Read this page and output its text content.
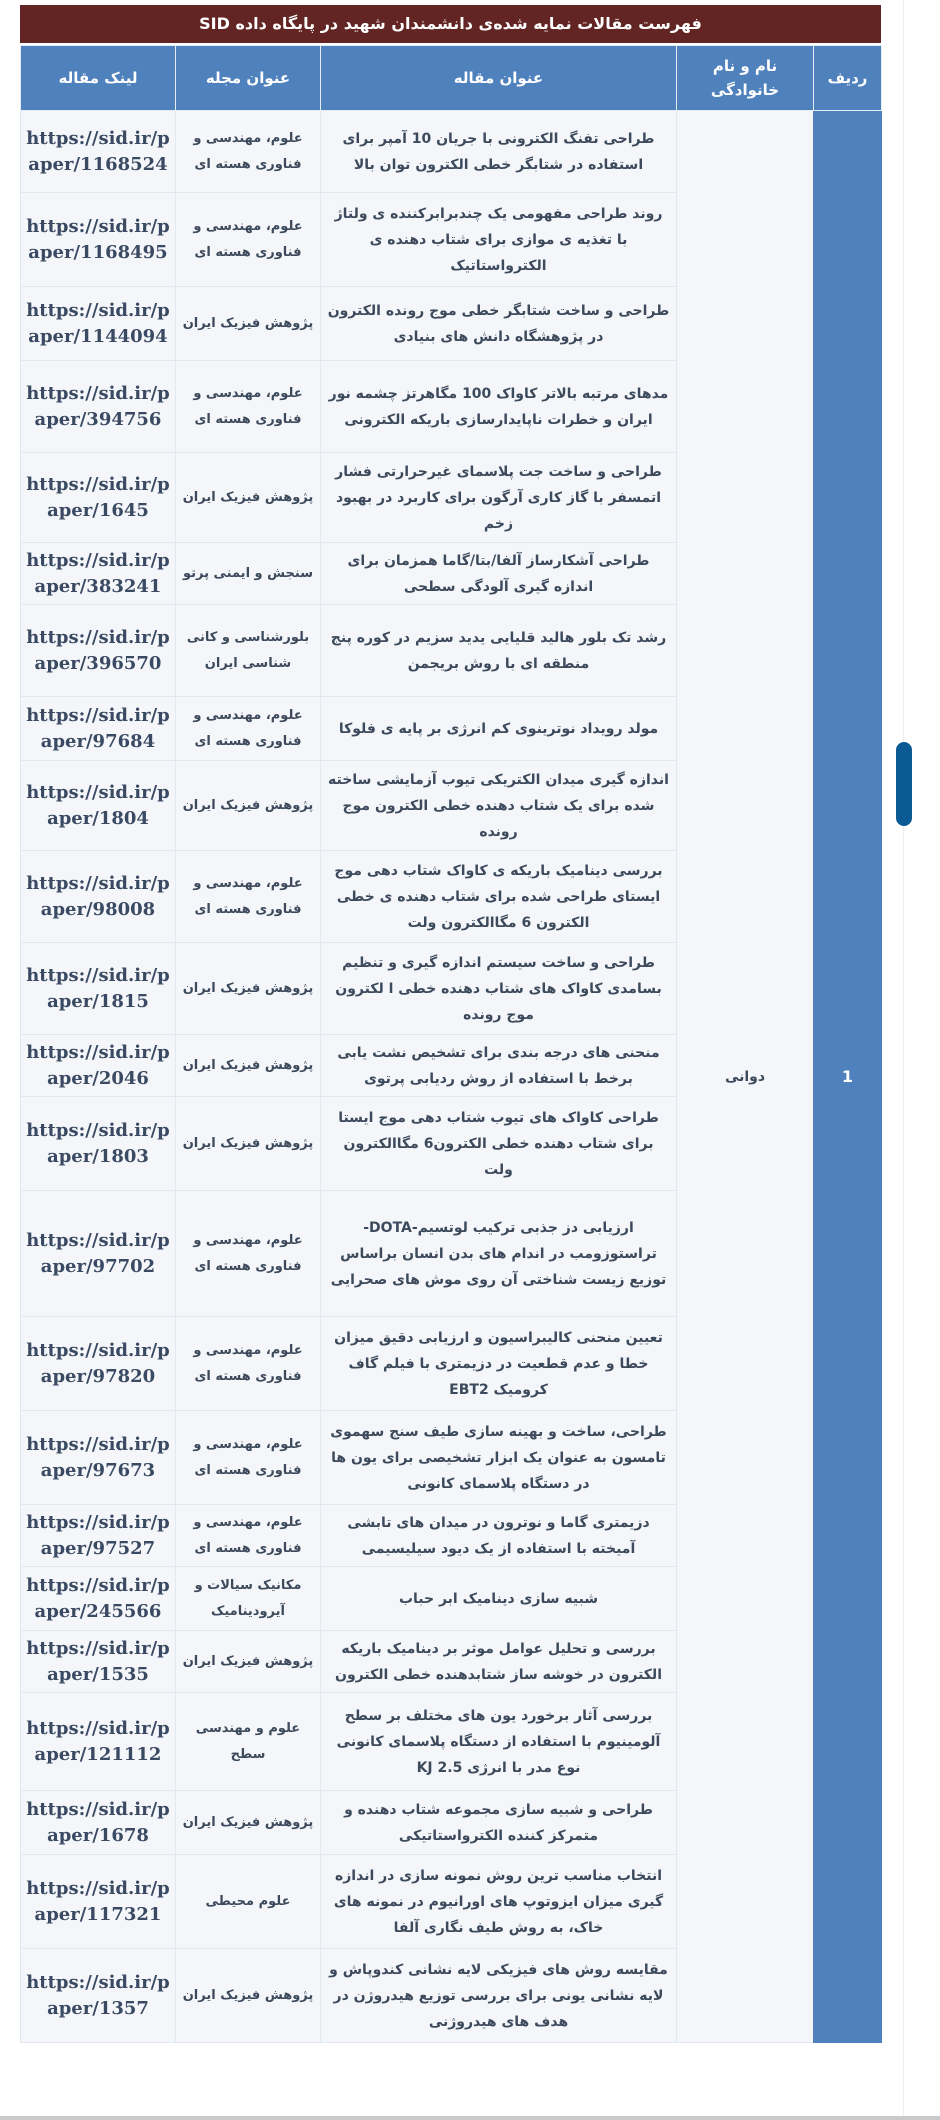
فهرست مقالات نمایه شده‌ی دانشمندان شهید در پایگاه داده SID
ردیف	نام و نام خانوادگی	عنوان مقاله	عنوان مجله	لینک مقاله
1	دوانی	طراحی تفنگ الکترونی با جریان 10 آمپر برای استفاده در شتابگر خطی الکترون توان بالا	علوم، مهندسی و فناوری هسته ای	https://sid.ir/paper/1168524
		روند طراحی مفهومی یک چندبرابرکننده ی ولتاژ با تغذیه ی موازی برای شتاب دهنده ی الکترواستاتیک	علوم، مهندسی و فناوری هسته ای	https://sid.ir/paper/1168495
		طراحی و ساخت شتابگر خطی موج رونده الکترون در پژوهشگاه دانش های بنیادی	پژوهش فیزیک ایران	https://sid.ir/paper/1144094
		مدهای مرتبه بالاتر کاواک 100 مگاهرتز چشمه نور ایران و خطرات ناپایدارسازی باریکه الکترونی	علوم، مهندسی و فناوری هسته ای	https://sid.ir/paper/394756
		طراحی و ساخت جت پلاسمای غیرحرارتی فشار اتمسفر با گاز کاری آرگون برای کاربرد در بهبود زخم	پژوهش فیزیک ایران	https://sid.ir/paper/1645
		طراحی آشکارساز آلفا/بتا/گاما همزمان برای اندازه گیری آلودگی سطحی	سنجش و ایمنی پرتو	https://sid.ir/paper/383241
		رشد تک بلور هالید قلیایی یدید سزیم در کوره پنج منطقه ای با روش بریجمن	بلورشناسی و کانی شناسی ایران	https://sid.ir/paper/396570
		مولد رویداد نوترینوی کم انرژی بر پایه ی فلوکا	علوم، مهندسی و فناوری هسته ای	https://sid.ir/paper/97684
		اندازه گیری میدان الکتریکی تیوب آزمایشی ساخته شده برای یک شتاب دهنده خطی الکترون موج رونده	پژوهش فیزیک ایران	https://sid.ir/paper/1804
		بررسی دینامیک باریکه ی کاواک شتاب دهی موج ایستای طراحی شده برای شتاب دهنده ی خطی الکترون 6 مگاالکترون ولت	علوم، مهندسی و فناوری هسته ای	https://sid.ir/paper/98008
		طراحی و ساخت سیستم اندازه گیری و تنظیم بسامدی کاواک های شتاب دهنده خطی ا لکترون موج رونده	پژوهش فیزیک ایران	https://sid.ir/paper/1815
		منحنی های درجه بندی برای تشخیص نشت یابی برخط با استفاده از روش ردیابی پرتوی	پژوهش فیزیک ایران	https://sid.ir/paper/2046
		طراحی کاواک های تیوب شتاب دهی موج ایستا برای شتاب دهنده خطی الکترون6 مگاالکترون ولت	پژوهش فیزیک ایران	https://sid.ir/paper/1803
		ارزیابی دز جذبی ترکیب لوتسیم-DOTA-تراستوزومب در اندام های بدن انسان براساس توزیع زیست شناختی آن روی موش های صحرایی	علوم، مهندسی و فناوری هسته ای	https://sid.ir/paper/97702
		تعیین منحنی کالیبراسیون و ارزیابی دقیق میزان خطا و عدم قطعیت در دزیمتری با فیلم گاف کرومیک EBT2	علوم، مهندسی و فناوری هسته ای	https://sid.ir/paper/97820
		طراحی، ساخت و بهینه سازی طیف سنج سهموی تامسون به عنوان یک ابزار تشخیصی برای یون ها در دستگاه پلاسمای کانونی	علوم، مهندسی و فناوری هسته ای	https://sid.ir/paper/97673
		دزیمتری گاما و نوترون در میدان های تابشی آمیخته با استفاده از یک دیود سیلیسیمی	علوم، مهندسی و فناوری هسته ای	https://sid.ir/paper/97527
		شبیه سازی دینامیک ابر حباب	مکانیک سیالات و آیرودینامیک	https://sid.ir/paper/245566
		بررسی و تحلیل عوامل موثر بر دینامیک باریکه الکترون در خوشه ساز شتابدهنده خطی الکترون	پژوهش فیزیک ایران	https://sid.ir/paper/1535
		بررسی آثار برخورد یون های مختلف بر سطح آلومینیوم با استفاده از دستگاه پلاسمای کانونی نوع مدر با انرژی 2.5 KJ	علوم و مهندسی سطح	https://sid.ir/paper/121112
		طراحی و شبیه سازی مجموعه شتاب دهنده و متمرکز کننده الکترواستاتیکی	پژوهش فیزیک ایران	https://sid.ir/paper/1678
		انتخاب مناسب ترین روش نمونه سازی در اندازه گیری میزان ایزوتوپ های اورانیوم در نمونه های خاک، به روش طیف نگاری آلفا	علوم محیطی	https://sid.ir/paper/117321
		مقایسه روش های فیزیکی لایه نشانی کندوپاش و لایه نشانی یونی برای بررسی توزیع هیدروژن در هدف های هیدروژنی	پژوهش فیزیک ایران	https://sid.ir/paper/1357
